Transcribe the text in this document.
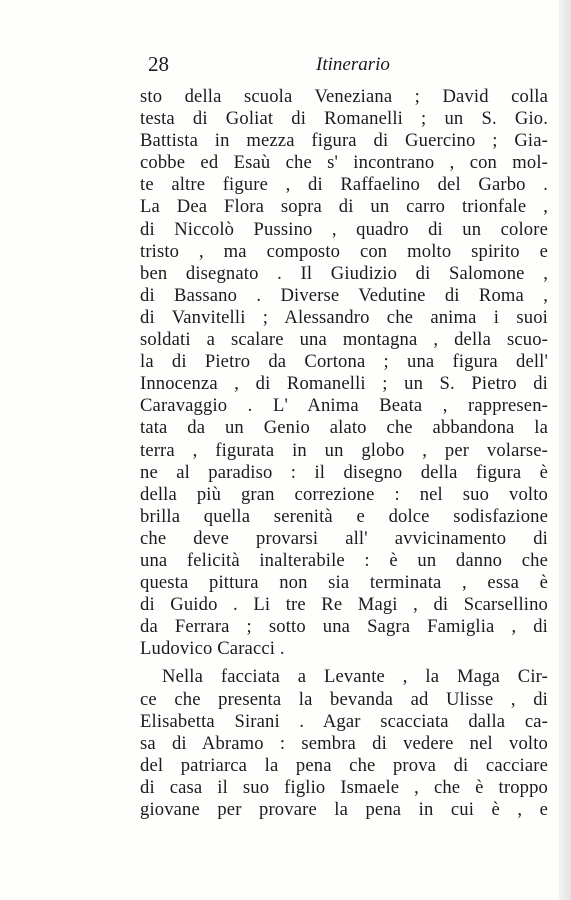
28	Itinerario
sto della scuola Veneziana ; David colla
testa di Goliat di Romanelli ; un S. Gio.
Battista in mezza figura di Guercino ; Gia-
cobbe ed Esaù che s' incontrano , con mol-
te altre figure , di Raffaelino del Garbo .
La Dea Flora sopra di un carro trionfale ,
di Niccolò Pussino , quadro di un colore
tristo , ma composto con molto spirito e
ben disegnato . Il Giudizio di Salomone ,
di Bassano . Diverse Vedutine di Roma ,
di Vanvitelli ; Alessandro che anima i suoi
soldati a scalare una montagna , della scuo-
la di Pietro da Cortona ; una figura dell'
Innocenza , di Romanelli ; un S. Pietro di
Caravaggio . L' Anima Beata , rappresen-
tata da un Genio alato che abbandona la
terra , figurata in un globo , per volarse-
ne al paradiso : il disegno della figura è
della più gran correzione : nel suo volto
brilla quella serenità e dolce sodisfazione
che deve provarsi all' avvicinamento di
una felicità inalterabile : è un danno che
questa pittura non sia terminata , essa è
di Guido . Li tre Re Magi , di Scarsellino
da Ferrara ; sotto una Sagra Famiglia , di
Ludovico Caracci .
Nella facciata a Levante , la Maga Cir-
ce che presenta la bevanda ad Ulisse , di
Elisabetta Sirani . Agar scacciata dalla ca-
sa di Abramo : sembra di vedere nel volto
del patriarca la pena che prova di cacciare
di casa il suo figlio Ismaele , che è troppo
giovane per provare la pena in cui è , e
